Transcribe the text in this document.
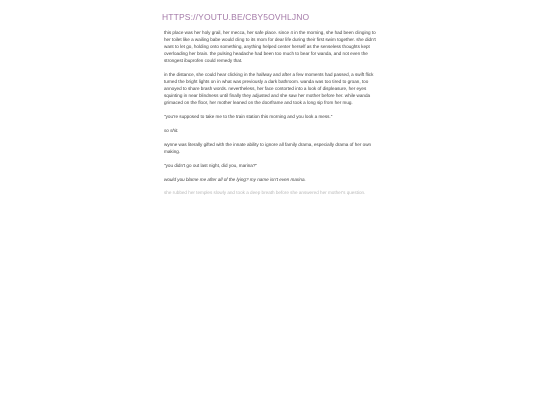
HTTPS://YOUTU.BE/CBY5OVHLJNO

this place was her holy grail, her mecca, her safe place. since 4 in the morning, she had been clinging to her toilet like a wailing babe would cling to its mom for dear life during their first swim together. she didn't want to let go, holding onto something, anything helped center herself as the senseless thoughts kept overloading her brain. the pulsing headache had been too much to bear for wanda, and not even the strongest ibuprofen could remedy that.

in the distance, she could hear clicking in the hallway and after a few moments had passed, a swift flick turned the bright lights on in what was previously a dark bathroom. wanda was too tired to groan, too annoyed to share brash words. nevertheless, her face contorted into a look of displeasure, her eyes squinting in near blindness until finally they adjusted and she saw her mother before her. while wanda grimaced on the floor, her mother leaned on the doorframe and took a long sip from her mug.

"you're supposed to take me to the train station this morning and you look a mess."

so shit.

wynne was literally gifted with the innate ability to ignore all family drama, especially drama of her own making.

"you didn't go out last night, did you, marina?"

would you blame me after all of the lying? my name isn't even marina.

she rubbed her temples slowly and took a deep breath before she answered her mother's question.
